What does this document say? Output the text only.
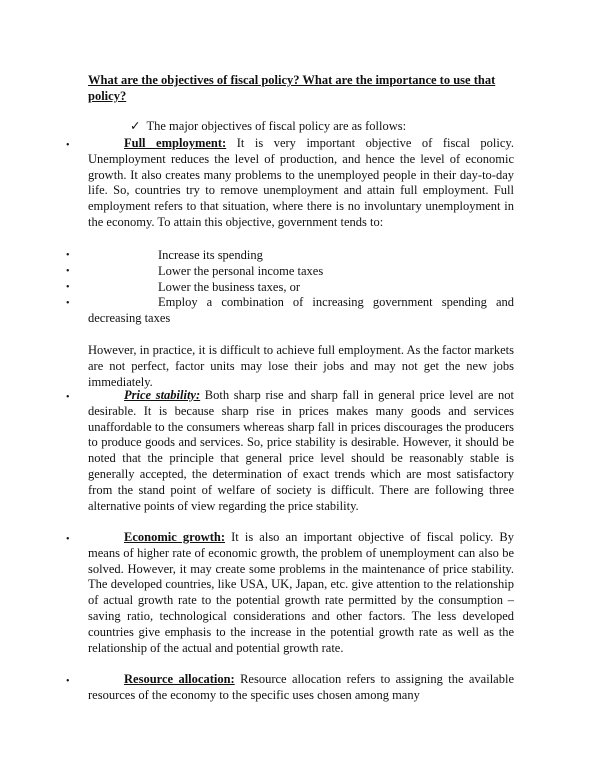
What are the objectives of fiscal policy? What are the importance to use that policy?
✓ The major objectives of fiscal policy are as follows:
•	Full employment: It is very important objective of fiscal policy. Unemployment reduces the level of production, and hence the level of economic growth. It also creates many problems to the unemployed people in their day-to-day life. So, countries try to remove unemployment and attain full employment. Full employment refers to that situation, where there is no involuntary unemployment in the economy. To attain this objective, government tends to:

•	Increase its spending
•	Lower the personal income taxes
•	Lower the business taxes, or
•	Employ a combination of increasing government spending and decreasing taxes

However, in practice, it is difficult to achieve full employment. As the factor markets are not perfect, factor units may lose their jobs and may not get the new jobs immediately.
•	Price stability: Both sharp rise and sharp fall in general price level are not desirable. It is because sharp rise in prices makes many goods and services unaffordable to the consumers whereas sharp fall in prices discourages the producers to produce goods and services. So, price stability is desirable. However, it should be noted that the principle that general price level should be reasonably stable is generally accepted, the determination of exact trends which are most satisfactory from the stand point of welfare of society is difficult. There are following three alternative points of view regarding the price stability.

•	Economic growth: It is also an important objective of fiscal policy. By means of higher rate of economic growth, the problem of unemployment can also be solved. However, it may create some problems in the maintenance of price stability. The developed countries, like USA, UK, Japan, etc. give attention to the relationship of actual growth rate to the potential growth rate permitted by the consumption – saving ratio, technological considerations and other factors. The less developed countries give emphasis to the increase in the potential growth rate as well as the relationship of the actual and potential growth rate.

•	Resource allocation: Resource allocation refers to assigning the available resources of the economy to the specific uses chosen among many
